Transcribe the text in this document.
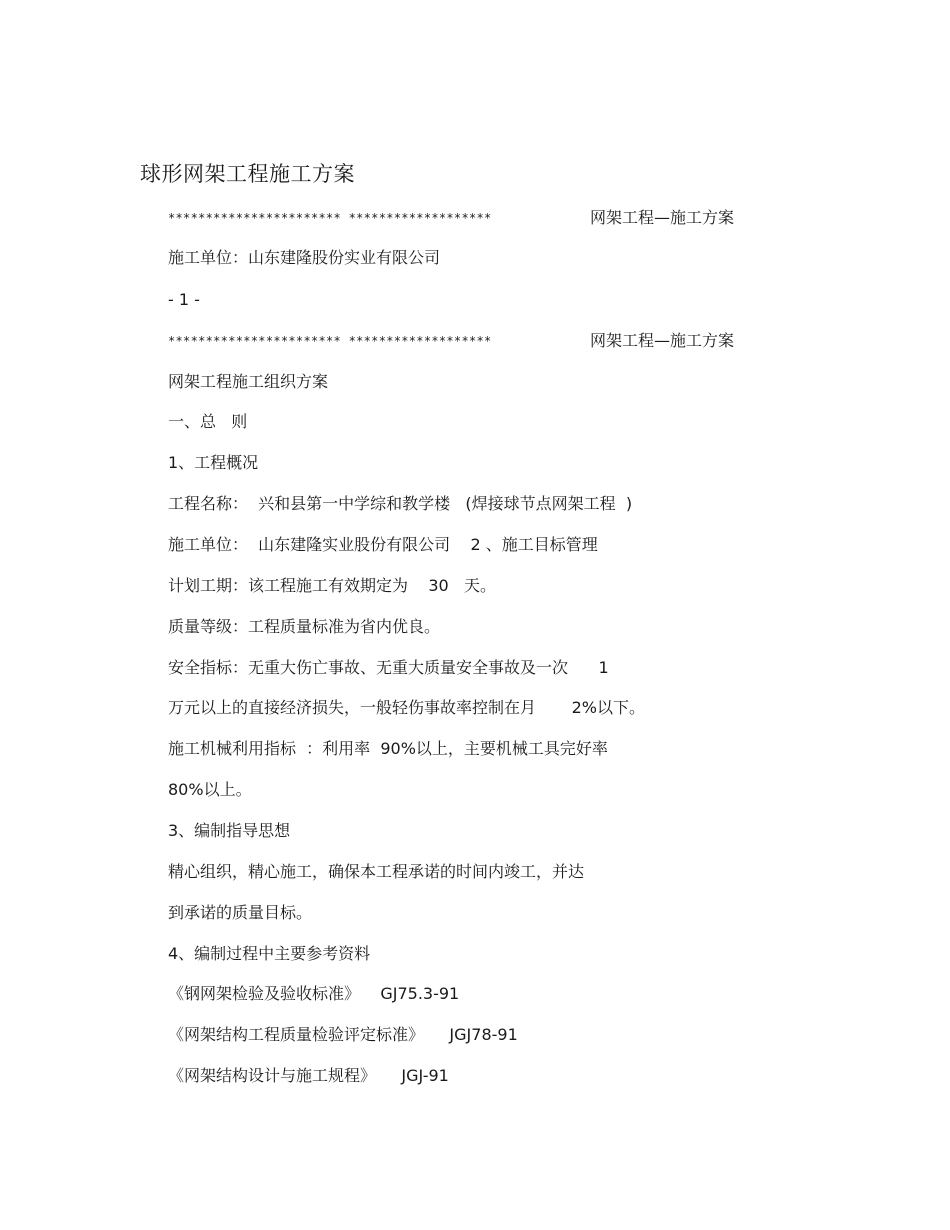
球形网架工程施工方案
*********************** *******************	网架工程—施工方案
施工单位：山东建隆股份实业有限公司
- 1 -
*********************** *******************	网架工程—施工方案
网架工程施工组织方案
一、总   则
1、工程概况
工程名称：  兴和县第一中学综和教学楼   (焊接球节点网架工程  )
施工单位：  山东建隆实业股份有限公司    2 、施工目标管理
计划工期：该工程施工有效期定为    30   天。
质量等级：工程质量标准为省内优良。
安全指标：无重大伤亡事故、无重大质量安全事故及一次      1
万元以上的直接经济损失，一般轻伤事故率控制在月       2%以下。
施工机械利用指标  ：利用率  90%以上，主要机械工具完好率
80%以上。
3、编制指导思想
精心组织，精心施工，确保本工程承诺的时间内竣工，并达
到承诺的质量目标。
4、编制过程中主要参考资料
《钢网架检验及验收标准》    GJ75.3-91
《网架结构工程质量检验评定标准》     JGJ78-91
《网架结构设计与施工规程》     JGJ-91
